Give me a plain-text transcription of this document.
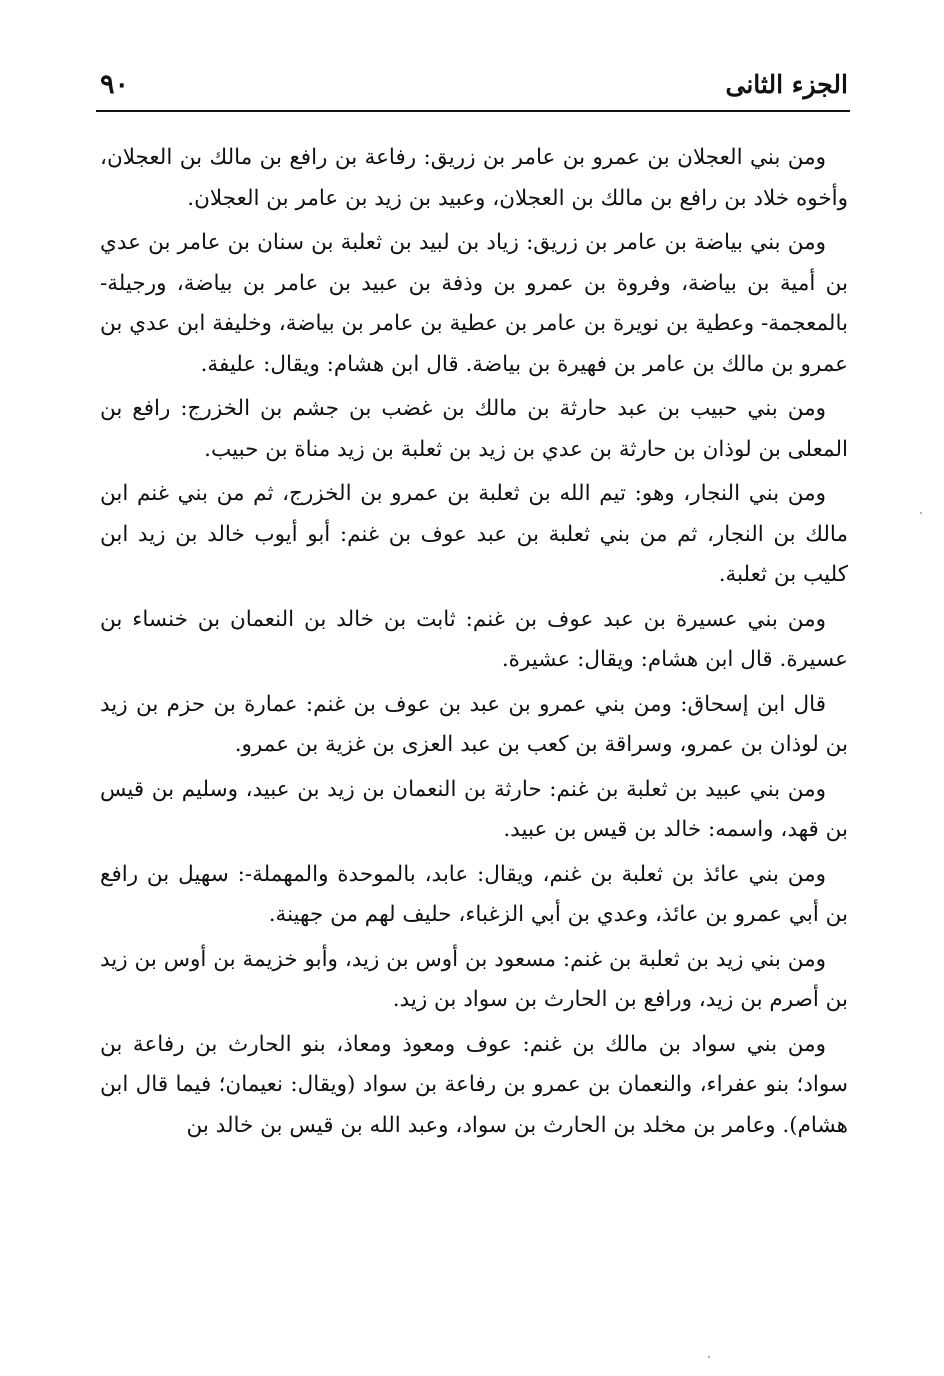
الجزء الثانى
٩٠

ومن بني العجلان بن عمرو بن عامر بن زريق: رفاعة بن رافع بن مالك بن العجلان، وأخوه خلاد بن رافع بن مالك بن العجلان، وعبيد بن زيد بن عامر بن العجلان.

ومن بني بياضة بن عامر بن زريق: زياد بن لبيد بن ثعلبة بن سنان بن عامر بن عدي بن أمية بن بياضة، وفروة بن عمرو بن وذفة بن عبيد بن عامر بن بياضة، ورجيلة- بالمعجمة- وعطية بن نويرة بن عامر بن عطية بن عامر بن بياضة، وخليفة ابن عدي بن عمرو بن مالك بن عامر بن فهيرة بن بياضة. قال ابن هشام: ويقال: عليفة.

ومن بني حبيب بن عبد حارثة بن مالك بن غضب بن جشم بن الخزرج: رافع بن المعلى بن لوذان بن حارثة بن عدي بن زيد بن ثعلبة بن زيد مناة بن حبيب.

ومن بني النجار، وهو: تيم الله بن ثعلبة بن عمرو بن الخزرج، ثم من بني غنم ابن مالك بن النجار، ثم من بني ثعلبة بن عبد عوف بن غنم: أبو أيوب خالد بن زيد ابن كليب بن ثعلبة.

ومن بني عسيرة بن عبد عوف بن غنم: ثابت بن خالد بن النعمان بن خنساء بن عسيرة. قال ابن هشام: ويقال: عشيرة.

قال ابن إسحاق: ومن بني عمرو بن عبد بن عوف بن غنم: عمارة بن حزم بن زيد بن لوذان بن عمرو، وسراقة بن كعب بن عبد العزى بن غزية بن عمرو.

ومن بني عبيد بن ثعلبة بن غنم: حارثة بن النعمان بن زيد بن عبيد، وسليم بن قيس بن قهد، واسمه: خالد بن قيس بن عبيد.

ومن بني عائذ بن ثعلبة بن غنم، ويقال: عابد، بالموحدة والمهملة-: سهيل بن رافع بن أبي عمرو بن عائذ، وعدي بن أبي الزغباء، حليف لهم من جهينة.

ومن بني زيد بن ثعلبة بن غنم: مسعود بن أوس بن زيد، وأبو خزيمة بن أوس بن زيد بن أصرم بن زيد، ورافع بن الحارث بن سواد بن زيد.

ومن بني سواد بن مالك بن غنم: عوف ومعوذ ومعاذ، بنو الحارث بن رفاعة بن سواد؛ بنو عفراء، والنعمان بن عمرو بن رفاعة بن سواد (ويقال: نعيمان؛ فيما قال ابن هشام). وعامر بن مخلد بن الحارث بن سواد، وعبد الله بن قيس بن خالد بن
